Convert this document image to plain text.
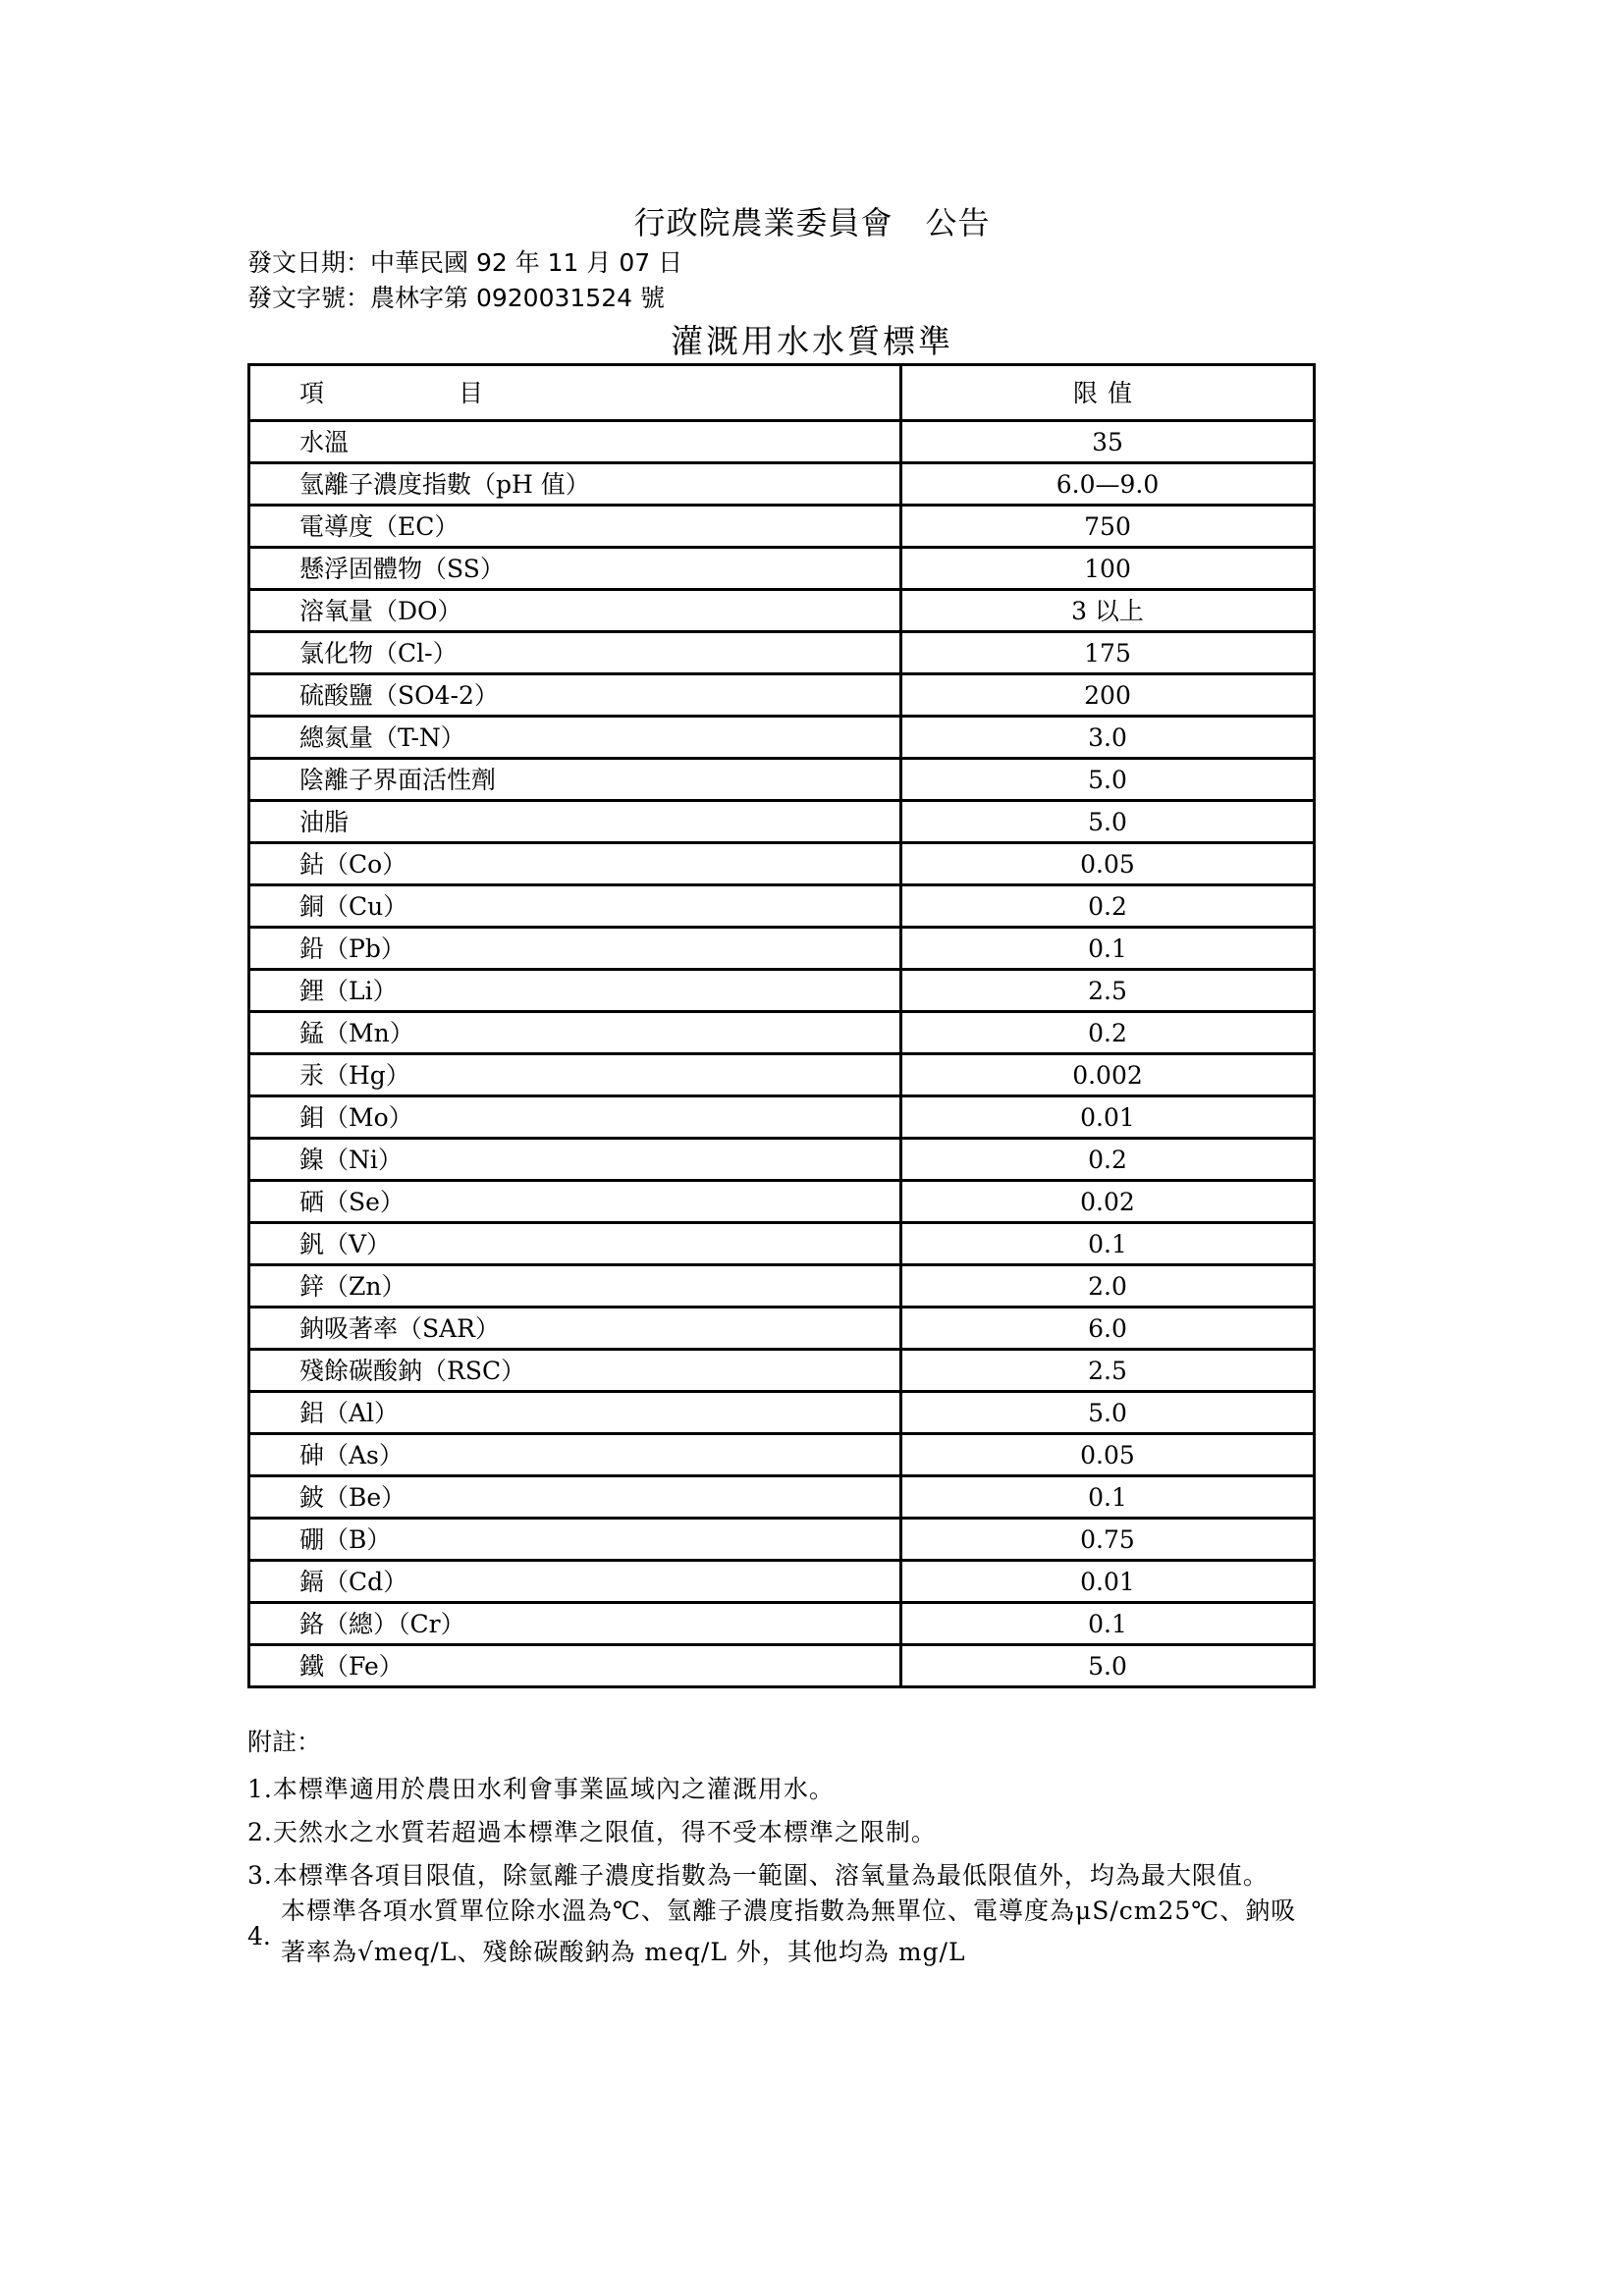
行政院農業委員會　公告
發文日期：中華民國 92 年 11 月 07 日
發文字號：農林字第 0920031524 號
灌溉用水水質標準
項 目	限值
水溫	35
氫離子濃度指數（pH 值）	6.0—9.0
電導度（EC）	750
懸浮固體物（SS）	100
溶氧量（DO）	3 以上
氯化物（Cl-）	175
硫酸鹽（SO4-2）	200
總氮量（T-N）	3.0
陰離子界面活性劑	5.0
油脂	5.0
鈷（Co）	0.05
銅（Cu）	0.2
鉛（Pb）	0.1
鋰（Li）	2.5
錳（Mn）	0.2
汞（Hg）	0.002
鉬（Mo）	0.01
鎳（Ni）	0.2
硒（Se）	0.02
釩（V）	0.1
鋅（Zn）	2.0
鈉吸著率（SAR）	6.0
殘餘碳酸鈉（RSC）	2.5
鋁（Al）	5.0
砷（As）	0.05
鈹（Be）	0.1
硼（B）	0.75
鎘（Cd）	0.01
鉻（總）（Cr）	0.1
鐵（Fe）	5.0
附註：
1.本標準適用於農田水利會事業區域內之灌溉用水。
2.天然水之水質若超過本標準之限值，得不受本標準之限制。
3.本標準各項目限值，除氫離子濃度指數為一範圍、溶氧量為最低限值外，均為最大限值。
4.
本標準各項水質單位除水溫為℃、氫離子濃度指數為無單位、電導度為μS/cm25℃、鈉吸
著率為√meq/L、殘餘碳酸鈉為 meq/L 外，其他均為 mg/L
